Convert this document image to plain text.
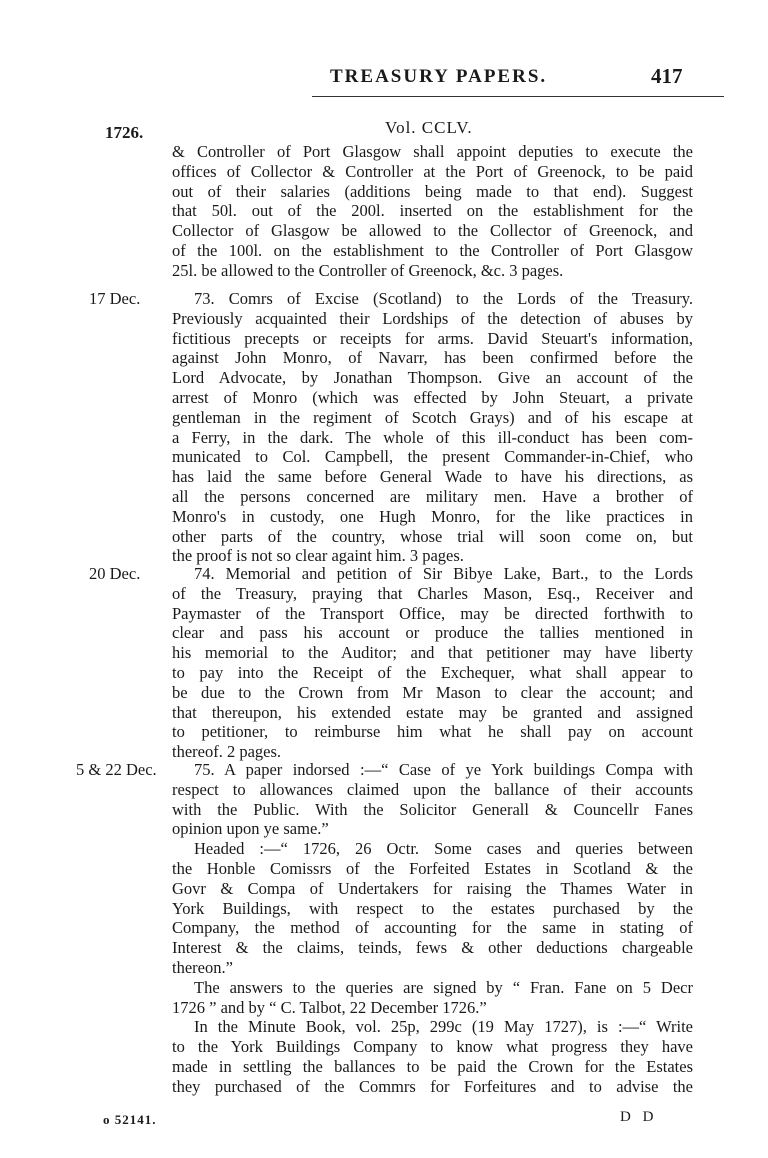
TREASURY PAPERS.	417
1726.	Vol. CCLV.
& Controller of Port Glasgow shall appoint deputies to execute the
offices of Collector & Controller at the Port of Greenock, to be paid
out of their salaries (additions being made to that end). Suggest
that 50l. out of the 200l. inserted on the establishment for the
Collector of Glasgow be allowed to the Collector of Greenock, and
of the 100l. on the establishment to the Controller of Port Glasgow
25l. be allowed to the Controller of Greenock, &c. 3 pages.
17 Dec.	73. Comrs of Excise (Scotland) to the Lords of the Treasury.
Previously acquainted their Lordships of the detection of abuses by
fictitious precepts or receipts for arms. David Steuart's information,
against John Monro, of Navarr, has been confirmed before the
Lord Advocate, by Jonathan Thompson. Give an account of the
arrest of Monro (which was effected by John Steuart, a private
gentleman in the regiment of Scotch Grays) and of his escape at
a Ferry, in the dark. The whole of this ill-conduct has been com-
municated to Col. Campbell, the present Commander-in-Chief, who
has laid the same before General Wade to have his directions, as
all the persons concerned are military men. Have a brother of
Monro's in custody, one Hugh Monro, for the like practices in
other parts of the country, whose trial will soon come on, but
the proof is not so clear againt him. 3 pages.
20 Dec.	74. Memorial and petition of Sir Bibye Lake, Bart., to the Lords
of the Treasury, praying that Charles Mason, Esq., Receiver and
Paymaster of the Transport Office, may be directed forthwith to
clear and pass his account or produce the tallies mentioned in
his memorial to the Auditor; and that petitioner may have liberty
to pay into the Receipt of the Exchequer, what shall appear to
be due to the Crown from Mr Mason to clear the account; and
that thereupon, his extended estate may be granted and assigned
to petitioner, to reimburse him what he shall pay on account
thereof. 2 pages.
5 & 22 Dec.	75. A paper indorsed :—“ Case of ye York buildings Compa with
respect to allowances claimed upon the ballance of their accounts
with the Public. With the Solicitor Generall & Councellr Fanes
opinion upon ye same.”
Headed :—“ 1726, 26 Octr. Some cases and queries between
the Honble Comissrs of the Forfeited Estates in Scotland & the
Govr & Compa of Undertakers for raising the Thames Water in
York Buildings, with respect to the estates purchased by the
Company, the method of accounting for the same in stating of
Interest & the claims, teinds, fews & other deductions chargeable
thereon.”
The answers to the queries are signed by “ Fran. Fane on 5 Decr
1726 ” and by “ C. Talbot, 22 December 1726.”
In the Minute Book, vol. 25p, 299c (19 May 1727), is :—“ Write
to the York Buildings Company to know what progress they have
made in settling the ballances to be paid the Crown for the Estates
they purchased of the Commrs for Forfeitures and to advise the
o 52141.	D D
